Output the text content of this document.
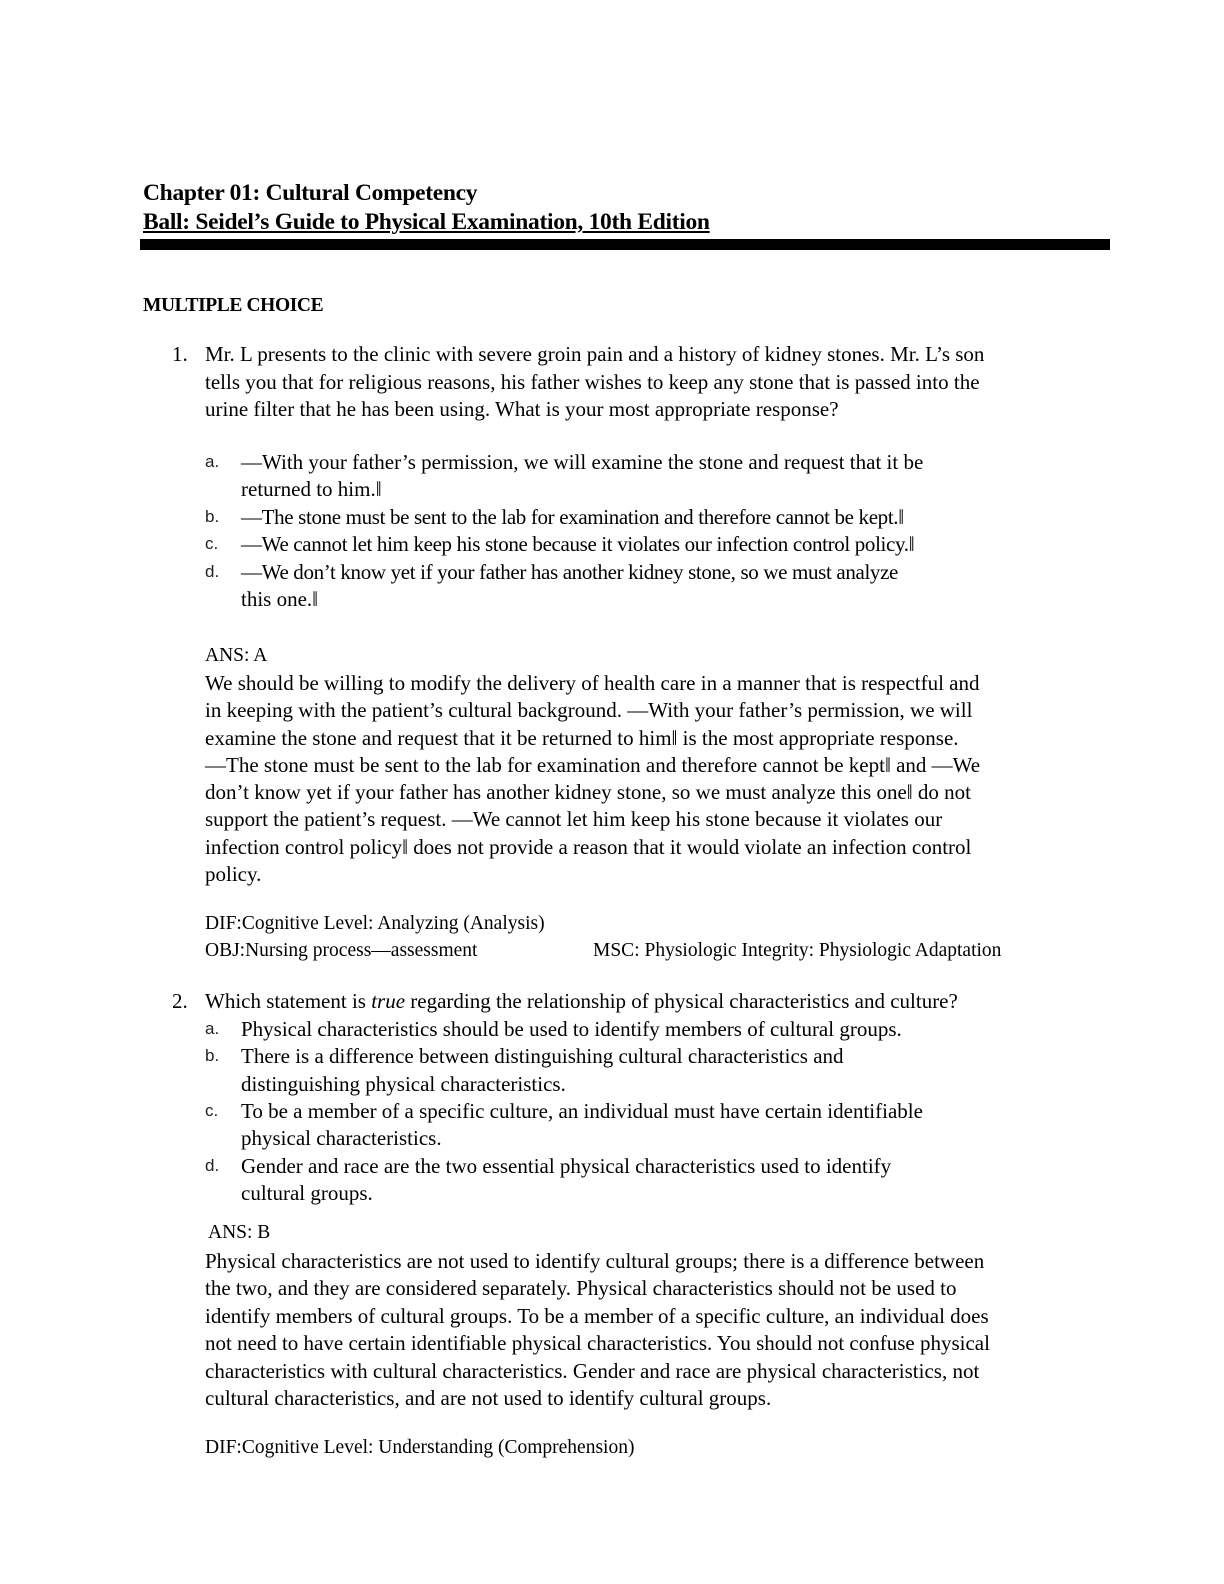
Chapter 01: Cultural Competency
Ball: Seidel’s Guide to Physical Examination, 10th Edition
MULTIPLE CHOICE
1. Mr. L presents to the clinic with severe groin pain and a history of kidney stones. Mr. L’s son
tells you that for religious reasons, his father wishes to keep any stone that is passed into the
urine filter that he has been using. What is your most appropriate response?
a. —With your father’s permission, we will examine the stone and request that it be
returned to him.‖
b. —The stone must be sent to the lab for examination and therefore cannot be kept.‖
c. —We cannot let him keep his stone because it violates our infection control policy.‖
d. —We don’t know yet if your father has another kidney stone, so we must analyze
this one.‖
ANS: A
We should be willing to modify the delivery of health care in a manner that is respectful and
in keeping with the patient’s cultural background. —With your father’s permission, we will
examine the stone and request that it be returned to him‖ is the most appropriate response.
—The stone must be sent to the lab for examination and therefore cannot be kept‖ and —We
don’t know yet if your father has another kidney stone, so we must analyze this one‖ do not
support the patient’s request. —We cannot let him keep his stone because it violates our
infection control policy‖ does not provide a reason that it would violate an infection control
policy.
DIF:Cognitive Level: Analyzing (Analysis)
OBJ:Nursing process—assessment	MSC: Physiologic Integrity: Physiologic Adaptation
2. Which statement is true regarding the relationship of physical characteristics and culture?
a. Physical characteristics should be used to identify members of cultural groups.
b. There is a difference between distinguishing cultural characteristics and
distinguishing physical characteristics.
c. To be a member of a specific culture, an individual must have certain identifiable
physical characteristics.
d. Gender and race are the two essential physical characteristics used to identify
cultural groups.
ANS: B
Physical characteristics are not used to identify cultural groups; there is a difference between
the two, and they are considered separately. Physical characteristics should not be used to
identify members of cultural groups. To be a member of a specific culture, an individual does
not need to have certain identifiable physical characteristics. You should not confuse physical
characteristics with cultural characteristics. Gender and race are physical characteristics, not
cultural characteristics, and are not used to identify cultural groups.
DIF:Cognitive Level: Understanding (Comprehension)
